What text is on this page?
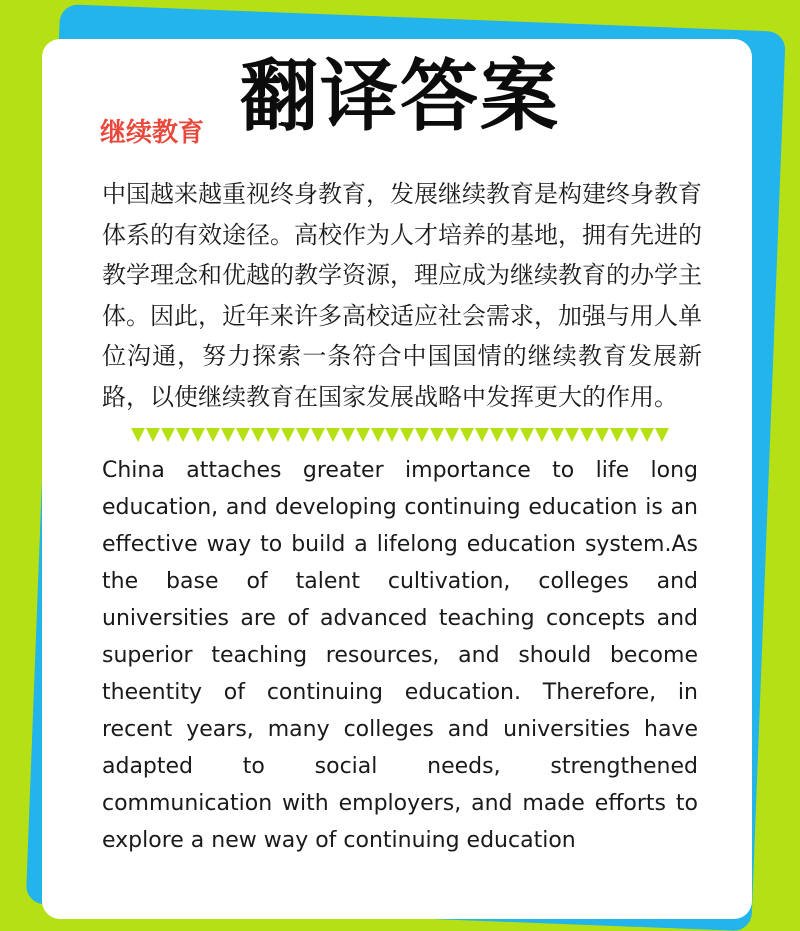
翻译答案
继续教育

中国越来越重视终身教育，发展继续教育是构建终身教育体系的有效途径。高校作为人才培养的基地，拥有先进的教学理念和优越的教学资源，理应成为继续教育的办学主体。因此，近年来许多高校适应社会需求，加强与用人单位沟通，努力探索一条符合中国国情的继续教育发展新路，以使继续教育在国家发展战略中发挥更大的作用。

China attaches greater importance to life long education, and developing continuing education is an effective way to build a lifelong education system.As the base of talent cultivation, colleges and universities are of advanced teaching concepts and superior teaching resources, and should become theentity of continuing education. Therefore, in recent years, many colleges and universities have adapted to social needs, strengthened communication with employers, and made efforts to explore a new way of continuing education
